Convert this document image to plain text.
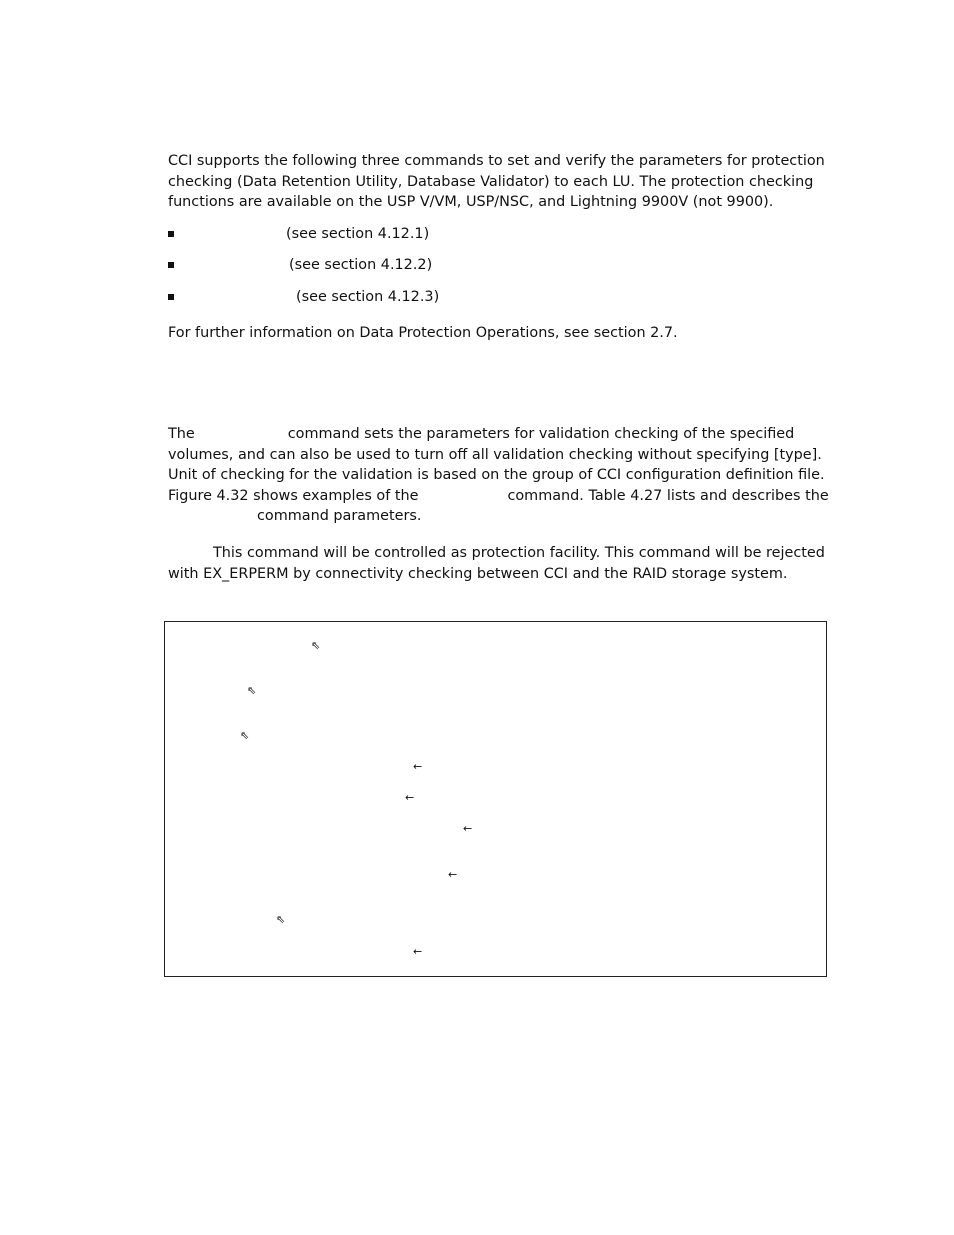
CCI supports the following three commands to set and verify the parameters for protection
checking (Data Retention Utility, Database Validator) to each LU. The protection checking
functions are available on the USP V/VM, USP/NSC, and Lightning 9900V (not 9900).
(see section 4.12.1)
(see section 4.12.2)
(see section 4.12.3)
For further information on Data Protection Operations, see section 2.7.
The	command sets the parameters for validation checking of the specified
volumes, and can also be used to turn off all validation checking without specifying [type].
Unit of checking for the validation is based on the group of CCI configuration definition file.
Figure 4.32 shows examples of the	command. Table 4.27 lists and describes the
command parameters.
This command will be controlled as protection facility. This command will be rejected
with EX_ERPERM by connectivity checking between CCI and the RAID storage system.
⇖
⇖
⇖
←
←
←
←
⇖
←
